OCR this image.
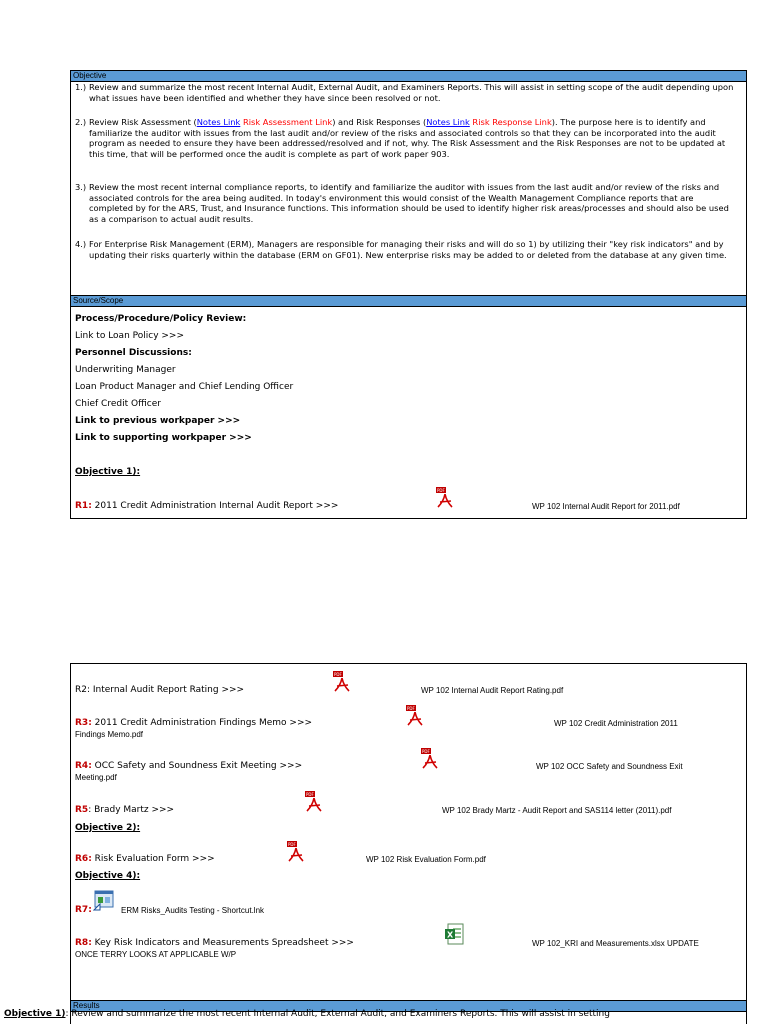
Objective
1.) Review and summarize the most recent Internal Audit, External Audit, and Examiners Reports. This will assist in setting scope of the audit depending upon what issues have been identified and whether they have since been resolved or not.
2.) Review Risk Assessment (Notes Link Risk Assessment Link) and Risk Responses (Notes Link Risk Response Link). The purpose here is to identify and familiarize the auditor with issues from the last audit and/or review of the risks and associated controls so that they can be incorporated into the audit program as needed to ensure they have been addressed/resolved and if not, why. The Risk Assessment and the Risk Responses are not to be updated at this time, that will be performed once the audit is complete as part of work paper 903.
3.) Review the most recent internal compliance reports, to identify and familiarize the auditor with issues from the last audit and/or review of the risks and associated controls for the area being audited. In today's environment this would consist of the Wealth Management Compliance reports that are completed by for the ARS, Trust, and Insurance functions. This information should be used to identify higher risk areas/processes and should also be used as a comparison to actual audit results.
4.) For Enterprise Risk Management (ERM), Managers are responsible for managing their risks and will do so 1) by utilizing their "key risk indicators" and by updating their risks quarterly within the database (ERM on GF01). New enterprise risks may be added to or deleted from the database at any given time.
Source/Scope
Process/Procedure/Policy Review:
Link to Loan Policy >>>
Personnel Discussions:
Underwriting Manager
Loan Product Manager and Chief Lending Officer
Chief Credit Officer
Link to previous workpaper >>>
Link to supporting workpaper >>>
Objective 1):
R1: 2011 Credit Administration Internal Audit Report >>>
PDF
WP 102 Internal Audit Report for 2011.pdf
R2: Internal Audit Report Rating >>>
PDF
WP 102 Internal Audit Report Rating.pdf
R3: 2011 Credit Administration Findings Memo >>>
Findings Memo.pdf
PDF
WP 102 Credit Administration 2011
R4: OCC Safety and Soundness Exit Meeting >>>
Meeting.pdf
PDF
WP 102 OCC Safety and Soundness Exit
R5: Brady Martz >>>
PDF
WP 102 Brady Martz - Audit Report and SAS114 letter (2011).pdf
Objective 2):
R6: Risk Evaluation Form >>>
PDF
WP 102 Risk Evaluation Form.pdf
Objective 4):
R7:	ERM Risks_Audits Testing - Shortcut.lnk
R8: Key Risk Indicators and Measurements Spreadsheet >>>
ONCE TERRY LOOKS AT APPLICABLE W/P
X
WP 102_KRI and Measurements.xlsx UPDATE
Results
Objective 1): Review and summarize the most recent Internal Audit, External Audit, and Examiners Reports. This will assist in setting
